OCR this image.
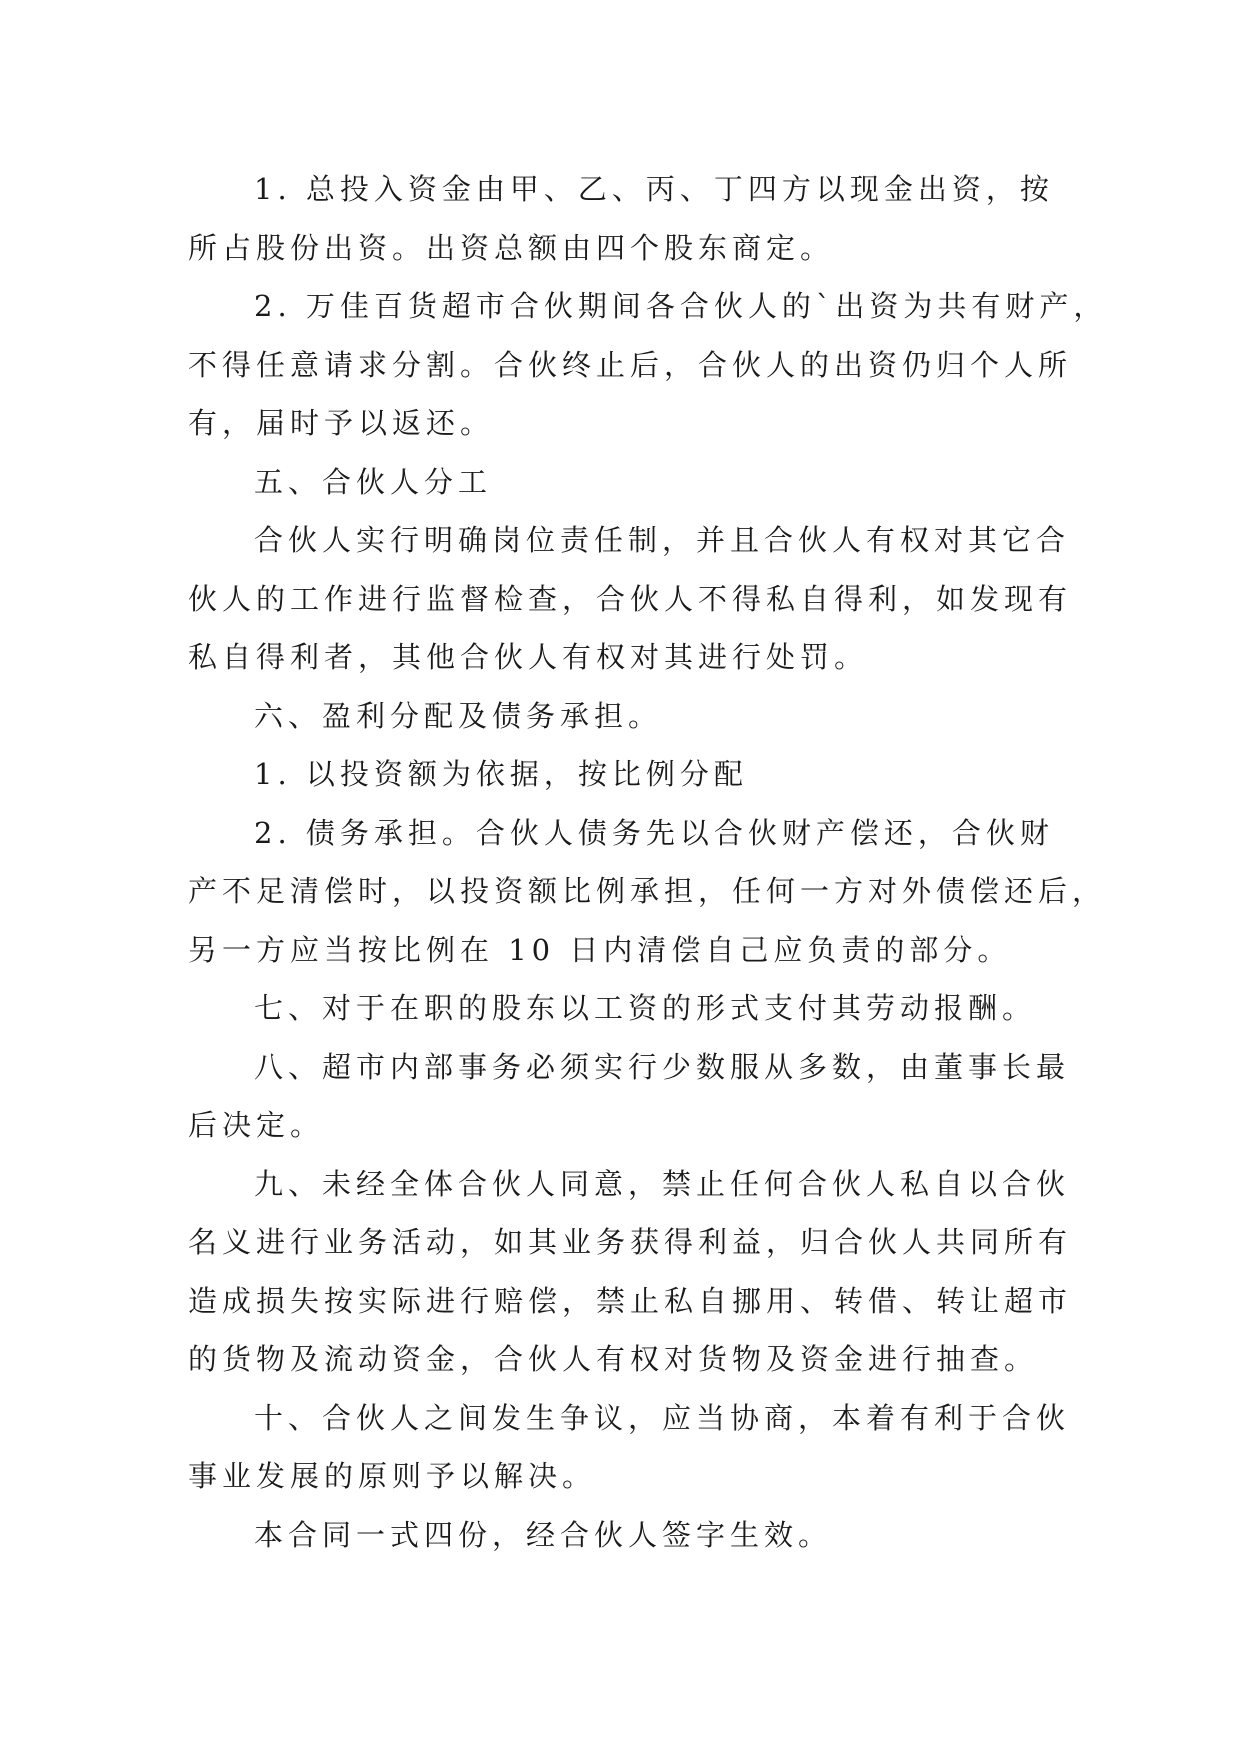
1. 总投入资金由甲、乙、丙、丁四方以现金出资，按
所占股份出资。出资总额由四个股东商定。
2. 万佳百货超市合伙期间各合伙人的`出资为共有财产，
不得任意请求分割。合伙终止后，合伙人的出资仍归个人所
有，届时予以返还。
五、合伙人分工
合伙人实行明确岗位责任制，并且合伙人有权对其它合
伙人的工作进行监督检查，合伙人不得私自得利，如发现有
私自得利者，其他合伙人有权对其进行处罚。
六、盈利分配及债务承担。
1. 以投资额为依据，按比例分配
2. 债务承担。合伙人债务先以合伙财产偿还，合伙财
产不足清偿时，以投资额比例承担，任何一方对外债偿还后，
另一方应当按比例在 10 日内清偿自己应负责的部分。
七、对于在职的股东以工资的形式支付其劳动报酬。
八、超市内部事务必须实行少数服从多数，由董事长最
后决定。
九、未经全体合伙人同意，禁止任何合伙人私自以合伙
名义进行业务活动，如其业务获得利益，归合伙人共同所有
造成损失按实际进行赔偿，禁止私自挪用、转借、转让超市
的货物及流动资金，合伙人有权对货物及资金进行抽查。
十、合伙人之间发生争议，应当协商，本着有利于合伙
事业发展的原则予以解决。
本合同一式四份，经合伙人签字生效。
